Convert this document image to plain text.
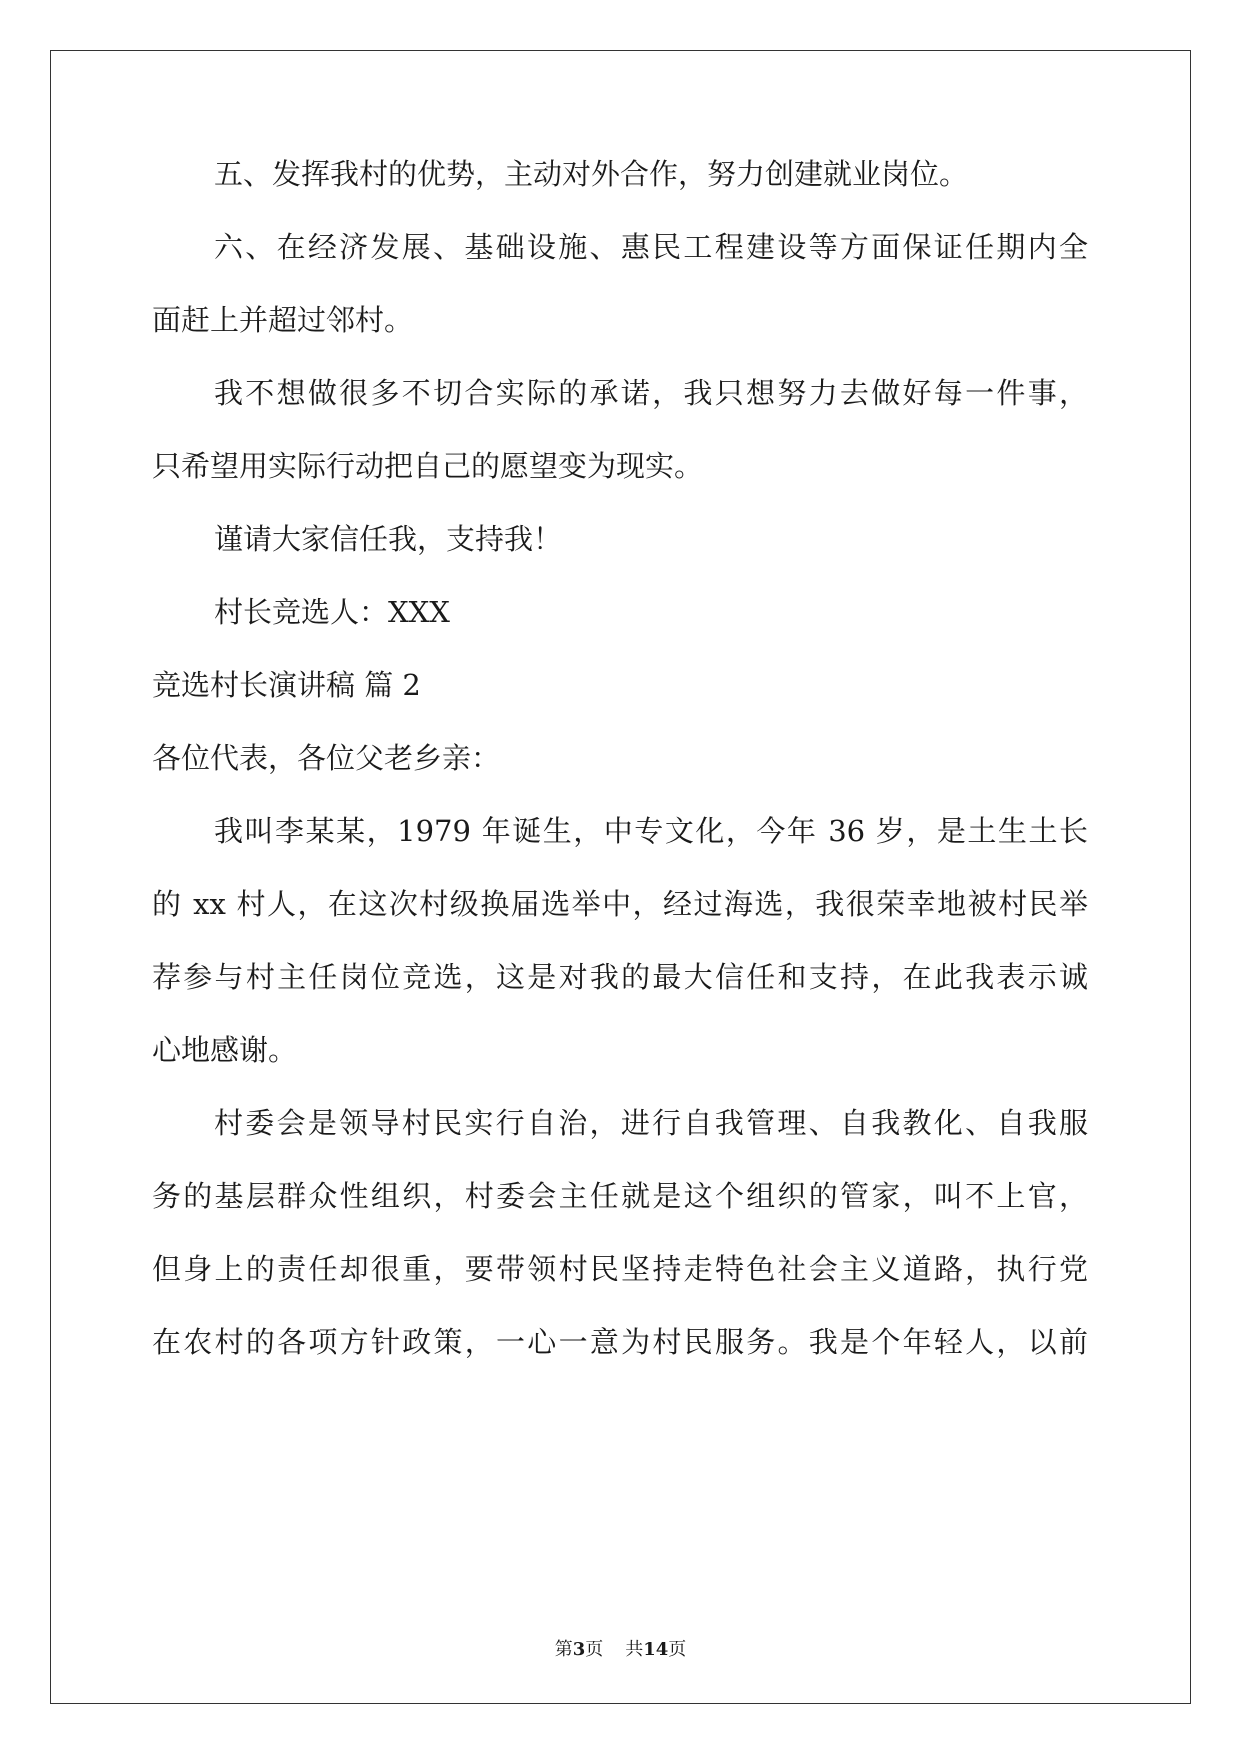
五、发挥我村的优势，主动对外合作，努力创建就业岗位。
六、在经济发展、基础设施、惠民工程建设等方面保证任期内全
面赶上并超过邻村。
我不想做很多不切合实际的承诺，我只想努力去做好每一件事，
只希望用实际行动把自己的愿望变为现实。
谨请大家信任我，支持我！
村长竞选人：XXX
竞选村长演讲稿 篇 2
各位代表，各位父老乡亲：
我叫李某某，1979 年诞生，中专文化，今年 36 岁，是土生土长
的 xx 村人，在这次村级换届选举中，经过海选，我很荣幸地被村民举
荐参与村主任岗位竞选，这是对我的最大信任和支持，在此我表示诚
心地感谢。
村委会是领导村民实行自治，进行自我管理、自我教化、自我服
务的基层群众性组织，村委会主任就是这个组织的管家，叫不上官，
但身上的责任却很重，要带领村民坚持走特色社会主义道路，执行党
在农村的各项方针政策，一心一意为村民服务。我是个年轻人，以前
第3页 共14页
